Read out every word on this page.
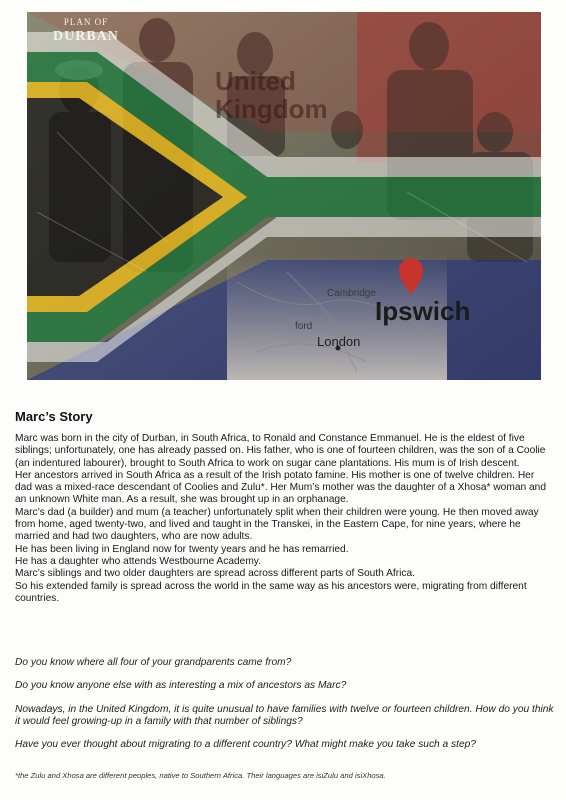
PLAN OF
DURBAN
United
Kingdom
Cambridge
ford
Ipswich
London
Marc’s Story

Marc was born in the city of Durban, in South Africa, to Ronald and Constance Emmanuel. He is the eldest of five siblings; unfortunately, one has already passed on. His father, who is one of fourteen children, was the son of a Coolie (an indentured labourer), brought to South Africa to work on sugar cane plantations. His mum is of Irish descent.

Her ancestors arrived in South Africa as a result of the Irish potato famine. His mother is one of twelve children. Her dad was a mixed-race descendant of Coolies and Zulu*. Her Mum’s mother was the daughter of a Xhosa* woman and an unknown White man. As a result, she was brought up in an orphanage.

Marc’s dad (a builder) and mum (a teacher) unfortunately split when their children were young. He then moved away from home, aged twenty-two, and lived and taught in the Transkei, in the Eastern Cape, for nine years, where he married and had two daughters, who are now adults.

He has been living in England now for twenty years and he has remarried.

He has a daughter who attends Westbourne Academy.

Marc’s siblings and two older daughters are spread across different parts of South Africa.

So his extended family is spread across the world in the same way as his ancestors were, migrating from different countries.

Do you know where all four of your grandparents came from?

Do you know anyone else with as interesting a mix of ancestors as Marc?

Nowadays, in the United Kingdom, it is quite unusual to have families with twelve or fourteen children. How do you think it would feel growing-up in a family with that number of siblings?

Have you ever thought about migrating to a different country? What might make you take such a step?

*the Zulu and Xhosa are different peoples, native to Southern Africa. Their languages are isiZulu and isiXhosa.
